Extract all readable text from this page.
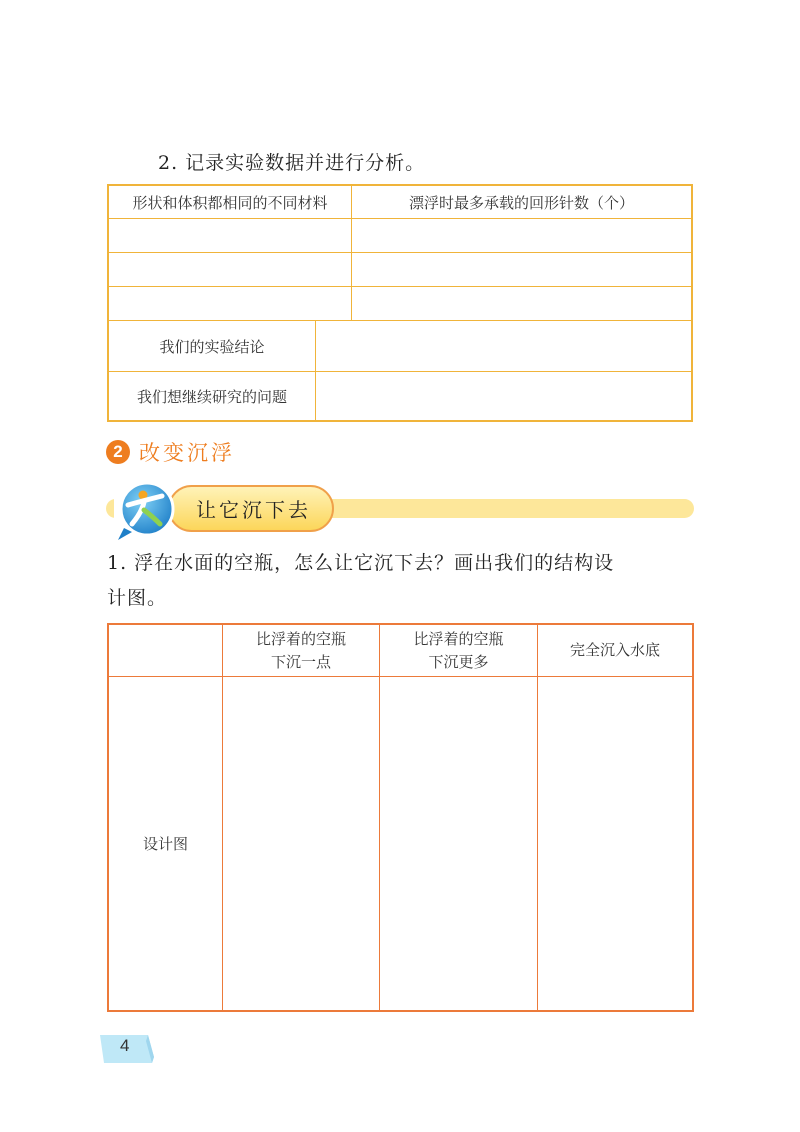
2. 记录实验数据并进行分析。
形状和体积都相同的不同材料	漂浮时最多承载的回形针数（个）
我们的实验结论
我们想继续研究的问题
2 改变沉浮
让它沉下去
1. 浮在水面的空瓶，怎么让它沉下去？画出我们的结构设
计图。
比浮着的空瓶
下沉一点
比浮着的空瓶
下沉更多
完全沉入水底
设计图
4
